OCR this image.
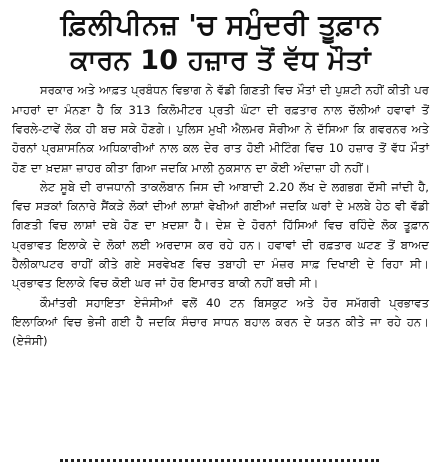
ਫ਼ਿਲੀਪੀਨਜ਼ 'ਚ ਸਮੁੰਦਰੀ ਤੂਫ਼ਾਨ
ਕਾਰਨ 10 ਹਜ਼ਾਰ ਤੋਂ ਵੱਧ ਮੌਤਾਂ

ਸਰਕਾਰ ਅਤੇ ਆਫ਼ਤ ਪ੍ਰਬੰਧਨ ਵਿਭਾਗ ਨੇ ਵੱਡੀ ਗਿਣਤੀ ਵਿਚ ਮੌਤਾਂ ਦੀ ਪੁਸ਼ਟੀ ਨਹੀਂ ਕੀਤੀ ਪਰ ਮਾਹਰਾਂ ਦਾ ਮੰਨਣਾ ਹੈ ਕਿ 313 ਕਿਲੋਮੀਟਰ ਪ੍ਰਤੀ ਘੰਟਾ ਦੀ ਰਫ਼ਤਾਰ ਨਾਲ ਚੱਲੀਆਂ ਹਵਾਵਾਂ ਤੋਂ ਵਿਰਲੇ-ਟਾਵੇਂ ਲੋਕ ਹੀ ਬਚ ਸਕੇ ਹੋਣਗੇ। ਪੁਲਿਸ ਮੁਖੀ ਐਲਮਰ ਸੋਰੀਆ ਨੇ ਦੱਸਿਆ ਕਿ ਗਵਰਨਰ ਅਤੇ ਹੋਰਨਾਂ ਪ੍ਰਸ਼ਾਸਨਿਕ ਅਧਿਕਾਰੀਆਂ ਨਾਲ ਕਲ ਦੇਰ ਰਾਤ ਹੋਈ ਮੀਟਿੰਗ ਵਿਚ 10 ਹਜ਼ਾਰ ਤੋਂ ਵੱਧ ਮੌਤਾਂ ਹੋਣ ਦਾ ਖ਼ਦਸ਼ਾ ਜ਼ਾਹਰ ਕੀਤਾ ਗਿਆ ਜਦਕਿ ਮਾਲੀ ਨੁਕਸਾਨ ਦਾ ਕੋਈ ਅੰਦਾਜ਼ਾ ਹੀ ਨਹੀਂ।

ਲੇਟ ਸੂਬੇ ਦੀ ਰਾਜਧਾਨੀ ਤਾਕਲੋਬਾਨ ਜਿਸ ਦੀ ਆਬਾਦੀ 2.20 ਲੱਖ ਦੇ ਲਗਭਗ ਦੱਸੀ ਜਾਂਦੀ ਹੈ, ਵਿਚ ਸੜਕਾਂ ਕਿਨਾਰੇ ਸੈਂਕੜੇ ਲੋਕਾਂ ਦੀਆਂ ਲਾਸ਼ਾਂ ਵੇਖੀਆਂ ਗਈਆਂ ਜਦਕਿ ਘਰਾਂ ਦੇ ਮਲਬੇ ਹੇਠ ਵੀ ਵੱਡੀ ਗਿਣਤੀ ਵਿਚ ਲਾਸ਼ਾਂ ਦਬੇ ਹੋਣ ਦਾ ਖ਼ਦਸ਼ਾ ਹੈ। ਦੇਸ਼ ਦੇ ਹੋਰਨਾਂ ਹਿੱਸਿਆਂ ਵਿਚ ਰਹਿੰਦੇ ਲੋਕ ਤੂਫ਼ਾਨ ਪ੍ਰਭਾਵਤ ਇਲਾਕੇ ਦੇ ਲੋਕਾਂ ਲਈ ਅਰਦਾਸ ਕਰ ਰਹੇ ਹਨ। ਹਵਾਵਾਂ ਦੀ ਰਫ਼ਤਾਰ ਘਟਣ ਤੋਂ ਬਾਅਦ ਹੈਲੀਕਾਪਟਰ ਰਾਹੀਂ ਕੀਤੇ ਗਏ ਸਰਵੇਖਣ ਵਿਚ ਤਬਾਹੀ ਦਾ ਮੰਜ਼ਰ ਸਾਫ਼ ਦਿਖਾਈ ਦੇ ਰਿਹਾ ਸੀ। ਪ੍ਰਭਾਵਤ ਇਲਾਕੇ ਵਿਚ ਕੋਈ ਘਰ ਜਾਂ ਹੋਰ ਇਮਾਰਤ ਬਾਕੀ ਨਹੀਂ ਬਚੀ ਸੀ।

ਕੌਮਾਂਤਰੀ ਸਹਾਇਤਾ ਏਜੰਸੀਆਂ ਵਲੋਂ 40 ਟਨ ਬਿਸਕੁਟ ਅਤੇ ਹੋਰ ਸਮੱਗਰੀ ਪ੍ਰਭਾਵਤ ਇਲਾਕਿਆਂ ਵਿਚ ਭੇਜੀ ਗਈ ਹੈ ਜਦਕਿ ਸੰਚਾਰ ਸਾਧਨ ਬਹਾਲ ਕਰਨ ਦੇ ਯਤਨ ਕੀਤੇ ਜਾ ਰਹੇ ਹਨ। (ਏਜੰਸੀ)
